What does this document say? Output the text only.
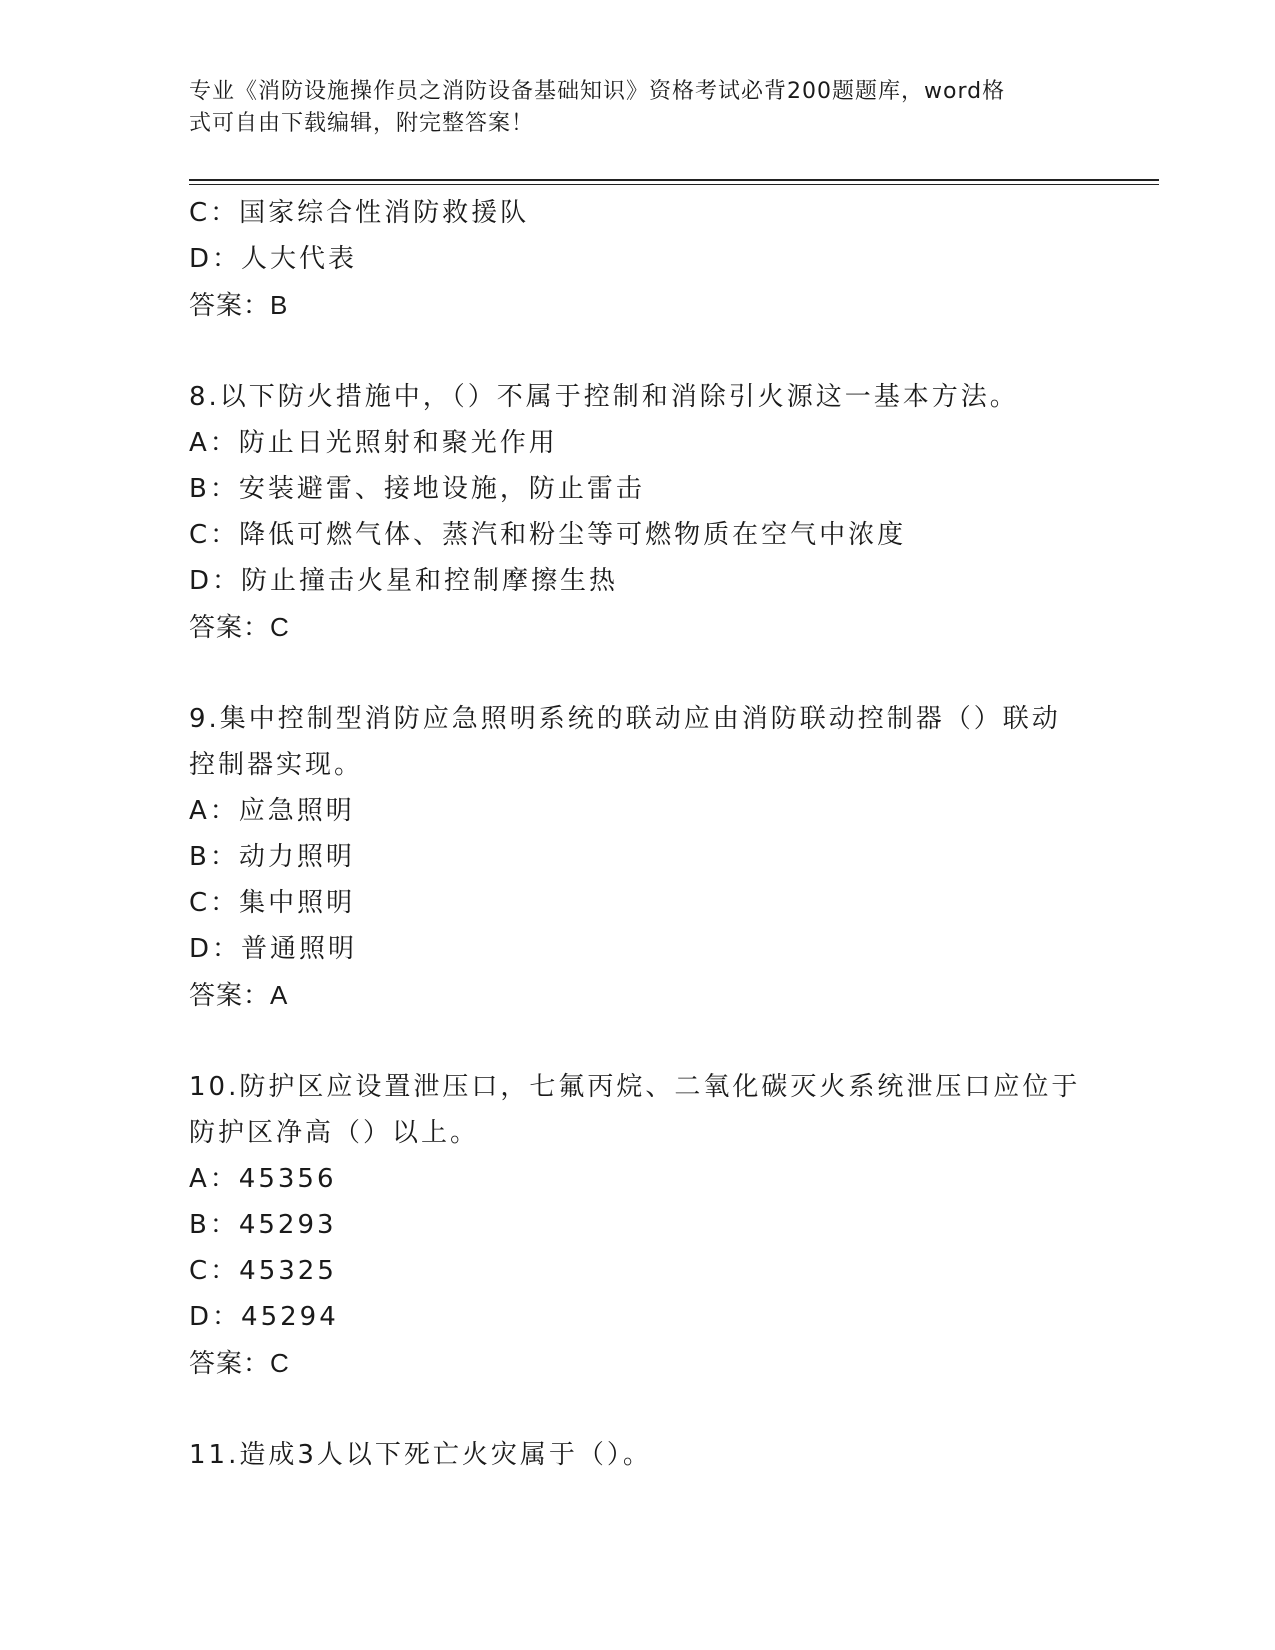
专业《消防设施操作员之消防设备基础知识》资格考试必背200题题库，word格
式可自由下载编辑，附完整答案！
C：国家综合性消防救援队
D：人大代表
答案：B
8.以下防火措施中，（）不属于控制和消除引火源这一基本方法。
A：防止日光照射和聚光作用
B：安装避雷、接地设施，防止雷击
C：降低可燃气体、蒸汽和粉尘等可燃物质在空气中浓度
D：防止撞击火星和控制摩擦生热
答案：C
9.集中控制型消防应急照明系统的联动应由消防联动控制器（）联动
控制器实现。
A：应急照明
B：动力照明
C：集中照明
D：普通照明
答案：A
10.防护区应设置泄压口，七氟丙烷、二氧化碳灭火系统泄压口应位于
防护区净高（）以上。
A：45356
B：45293
C：45325
D：45294
答案：C
11.造成3人以下死亡火灾属于（）。
